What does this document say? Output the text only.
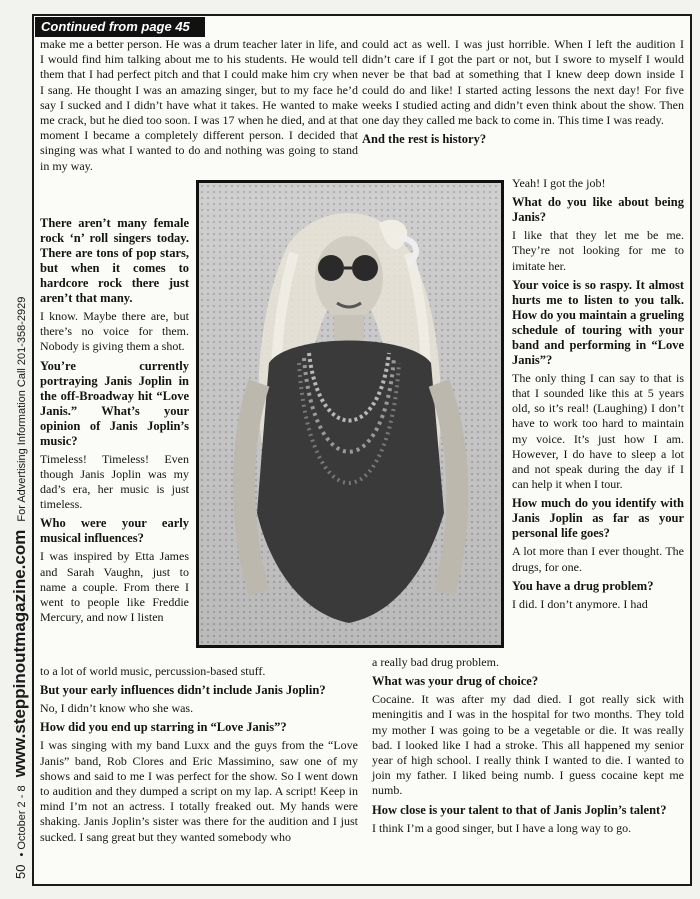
50
• October 2 - 8
www.steppinoutmagazine.com
For Advertising Information Call 201-358-2929
Continued from page 45

make me a better person. He was a drum teacher later in life, and I would find him talking about me to his students. He would tell them that I had perfect pitch and that I could make him cry when I sang. He thought I was an amazing singer, but to my face he’d say I sucked and I didn’t have what it takes. He wanted to make me crack, but he died too soon. I was 17 when he died, and at that moment I became a completely different person. I decided that singing was what I wanted to do and nothing was going to stand in my way.

There aren’t many female rock ‘n’ roll singers today. There are tons of pop stars, but when it comes to hardcore rock there just aren’t that many.

I know. Maybe there are, but there’s no voice for them. Nobody is giving them a shot.

You’re currently portraying Janis Joplin in the off-Broadway hit “Love Janis.” What’s your opinion of Janis Joplin’s music?

Timeless! Timeless! Even though Janis Joplin was my dad’s era, her music is just timeless.

Who were your early musical influences?

I was inspired by Etta James and Sarah Vaughn, just to name a couple. From there I went to people like Freddie Mercury, and now I listen

to a lot of world music, percussion-based stuff.

But your early influences didn’t include Janis Joplin?

No, I didn’t know who she was.

How did you end up starring in “Love Janis”?

I was singing with my band Luxx and the guys from the “Love Janis” band, Rob Clores and Eric Massimino, saw one of my shows and said to me I was perfect for the show. So I went down to audition and they dumped a script on my lap. A script! Keep in mind I’m not an actress. I totally freaked out. My hands were shaking. Janis Joplin’s sister was there for the audition and I just sucked. I sang great but they wanted somebody who

could act as well. I was just horrible. When I left the audition I didn’t care if I got the part or not, but I swore to myself I would never be that bad at something that I knew deep down inside I could do and like! I started acting lessons the next day! For five weeks I studied acting and didn’t even think about the show. Then one day they called me back to come in. This time I was ready.

And the rest is history?

Yeah! I got the job!

What do you like about being Janis?

I like that they let me be me. They’re not looking for me to imitate her.

Your voice is so raspy. It almost hurts me to listen to you talk. How do you maintain a grueling schedule of touring with your band and performing in “Love Janis”?

The only thing I can say to that is that I sounded like this at 5 years old, so it’s real! (Laughing) I don’t have to work too hard to maintain my voice. It’s just how I am. However, I do have to sleep a lot and not speak during the day if I can help it when I tour.

How much do you identify with Janis Joplin as far as your personal life goes?

A lot more than I ever thought. The drugs, for one.

You have a drug problem?

I did. I don’t anymore. I had

a really bad drug problem.

What was your drug of choice?

Cocaine. It was after my dad died. I got really sick with meningitis and I was in the hospital for two months. They told my mother I was going to be a vegetable or die. It was really bad. I looked like I had a stroke. This all happened my senior year of high school. I really think I wanted to die. I wanted to join my father. I liked being numb. I guess cocaine kept me numb.

How close is your talent to that of Janis Joplin’s talent?

I think I’m a good singer, but I have a long way to go.
